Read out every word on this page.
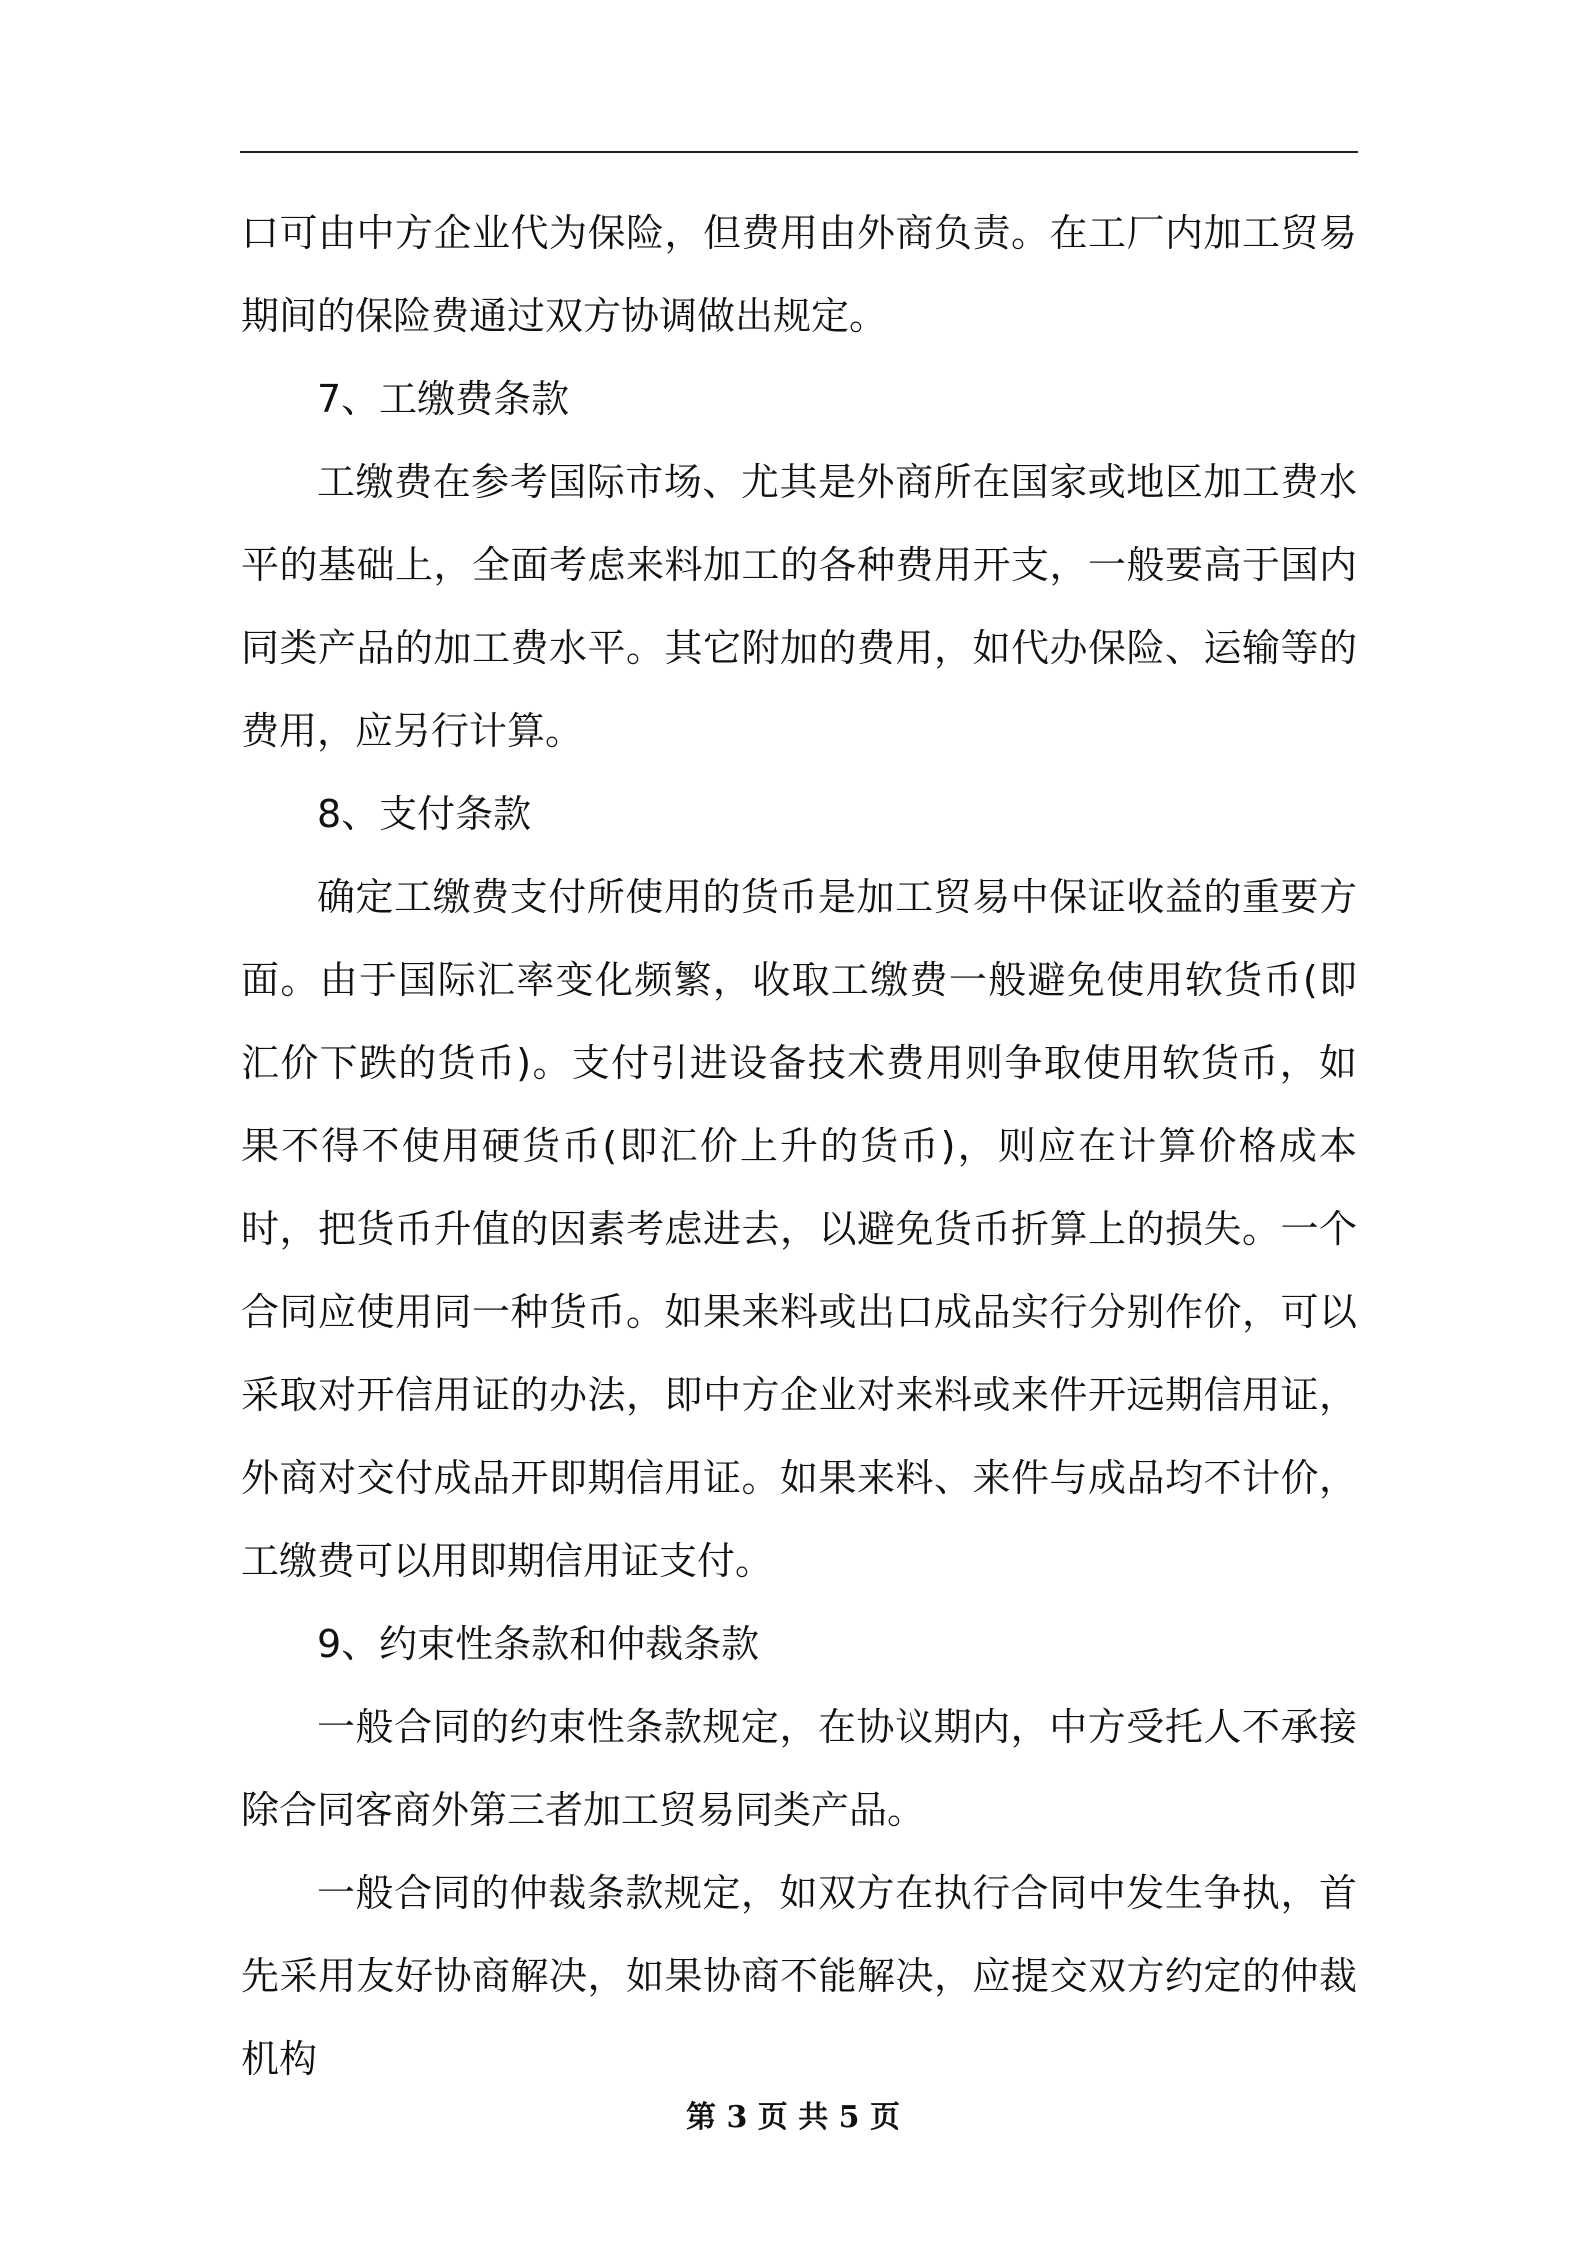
口可由中方企业代为保险，但费用由外商负责。在工厂内加工贸易期间的保险费通过双方协调做出规定。

7、工缴费条款

工缴费在参考国际市场、尤其是外商所在国家或地区加工费水平的基础上，全面考虑来料加工的各种费用开支，一般要高于国内同类产品的加工费水平。其它附加的费用，如代办保险、运输等的费用，应另行计算。

8、支付条款

确定工缴费支付所使用的货币是加工贸易中保证收益的重要方面。由于国际汇率变化频繁，收取工缴费一般避免使用软货币(即汇价下跌的货币)。支付引进设备技术费用则争取使用软货币，如果不得不使用硬货币(即汇价上升的货币)，则应在计算价格成本时，把货币升值的因素考虑进去，以避免货币折算上的损失。一个合同应使用同一种货币。如果来料或出口成品实行分别作价，可以采取对开信用证的办法，即中方企业对来料或来件开远期信用证，外商对交付成品开即期信用证。如果来料、来件与成品均不计价，工缴费可以用即期信用证支付。

9、约束性条款和仲裁条款

一般合同的约束性条款规定，在协议期内，中方受托人不承接除合同客商外第三者加工贸易同类产品。

一般合同的仲裁条款规定，如双方在执行合同中发生争执，首先采用友好协商解决，如果协商不能解决，应提交双方约定的仲裁机构

第 3 页 共 5 页
